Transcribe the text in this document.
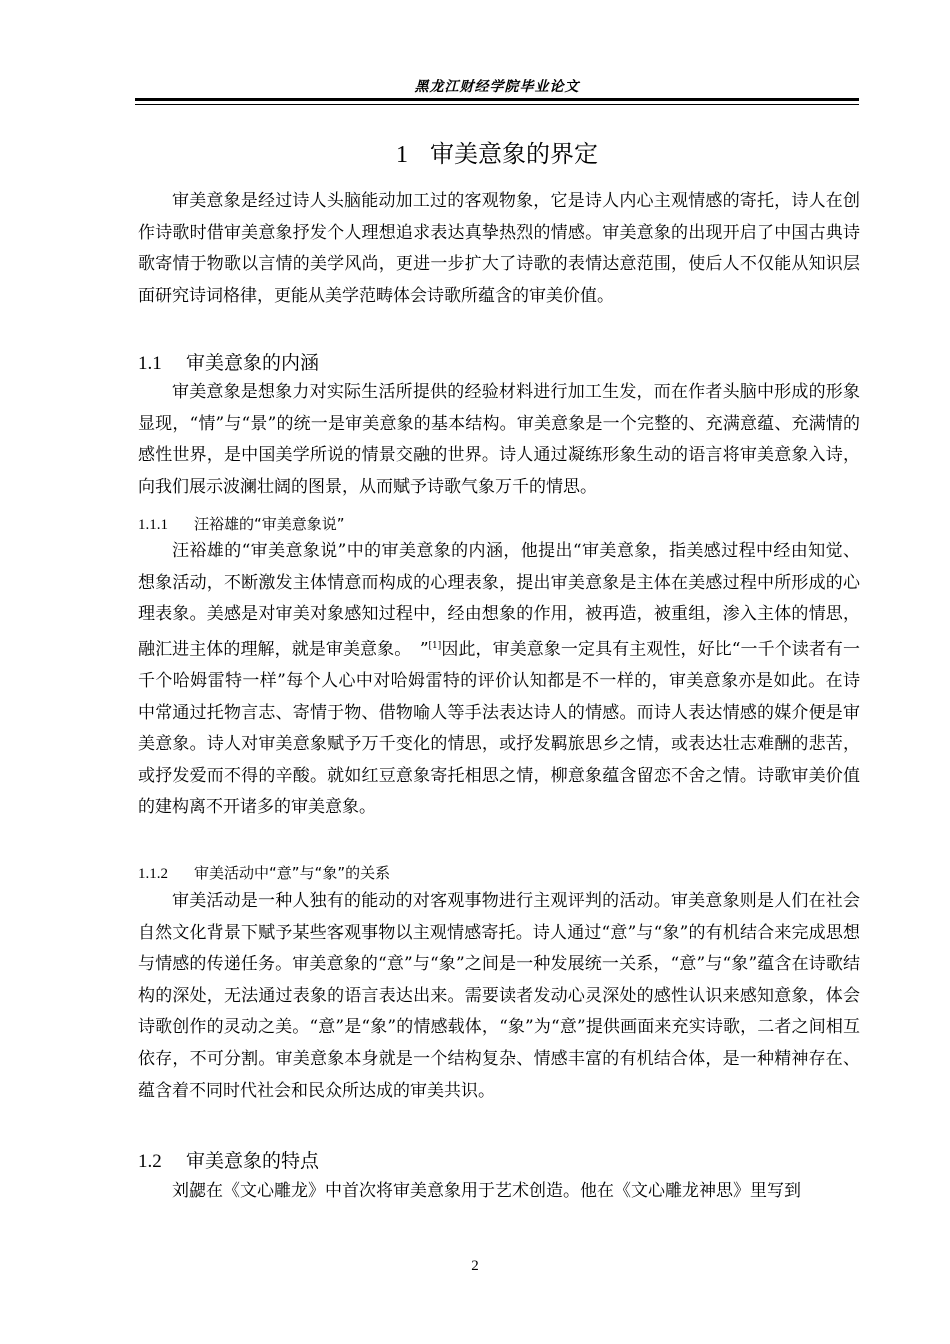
黑龙江财经学院毕业论文
1 审美意象的界定

审美意象是经过诗人头脑能动加工过的客观物象，它是诗人内心主观情感的寄托，诗人在创作诗歌时借审美意象抒发个人理想追求表达真挚热烈的情感。审美意象的出现开启了中国古典诗歌寄情于物歌以言情的美学风尚，更进一步扩大了诗歌的表情达意范围，使后人不仅能从知识层面研究诗词格律，更能从美学范畴体会诗歌所蕴含的审美价值。

1.1 审美意象的内涵

审美意象是想象力对实际生活所提供的经验材料进行加工生发，而在作者头脑中形成的形象显现，“情”与“景”的统一是审美意象的基本结构。审美意象是一个完整的、充满意蕴、充满情的感性世界，是中国美学所说的情景交融的世界。诗人通过凝练形象生动的语言将审美意象入诗，向我们展示波澜壮阔的图景，从而赋予诗歌气象万千的情思。

1.1.1 汪裕雄的“审美意象说”

汪裕雄的“审美意象说”中的审美意象的内涵，他提出“审美意象，指美感过程中经由知觉、想象活动，不断激发主体情意而构成的心理表象，提出审美意象是主体在美感过程中所形成的心理表象。美感是对审美对象感知过程中，经由想象的作用，被再造，被重组，渗入主体的情思，融汇进主体的理解，就是审美意象。　”[1]因此，审美意象一定具有主观性，好比“一千个读者有一千个哈姆雷特一样”每个人心中对哈姆雷特的评价认知都是不一样的，审美意象亦是如此。在诗中常通过托物言志、寄情于物、借物喻人等手法表达诗人的情感。而诗人表达情感的媒介便是审美意象。诗人对审美意象赋予万千变化的情思，或抒发羁旅思乡之情，或表达壮志难酬的悲苦，或抒发爱而不得的辛酸。就如红豆意象寄托相思之情，柳意象蕴含留恋不舍之情。诗歌审美价值的建构离不开诸多的审美意象。

1.1.2 审美活动中“意”与“象”的关系

审美活动是一种人独有的能动的对客观事物进行主观评判的活动。审美意象则是人们在社会自然文化背景下赋予某些客观事物以主观情感寄托。诗人通过“意”与“象”的有机结合来完成思想与情感的传递任务。审美意象的“意”与“象”之间是一种发展统一关系，“意”与“象”蕴含在诗歌结构的深处，无法通过表象的语言表达出来。需要读者发动心灵深处的感性认识来感知意象，体会诗歌创作的灵动之美。“意”是“象”的情感载体，“象”为“意”提供画面来充实诗歌，二者之间相互依存，不可分割。审美意象本身就是一个结构复杂、情感丰富的有机结合体，是一种精神存在、蕴含着不同时代社会和民众所达成的审美共识。

1.2 审美意象的特点

刘勰在《文心雕龙》中首次将审美意象用于艺术创造。他在《文心雕龙神思》里写到

2
